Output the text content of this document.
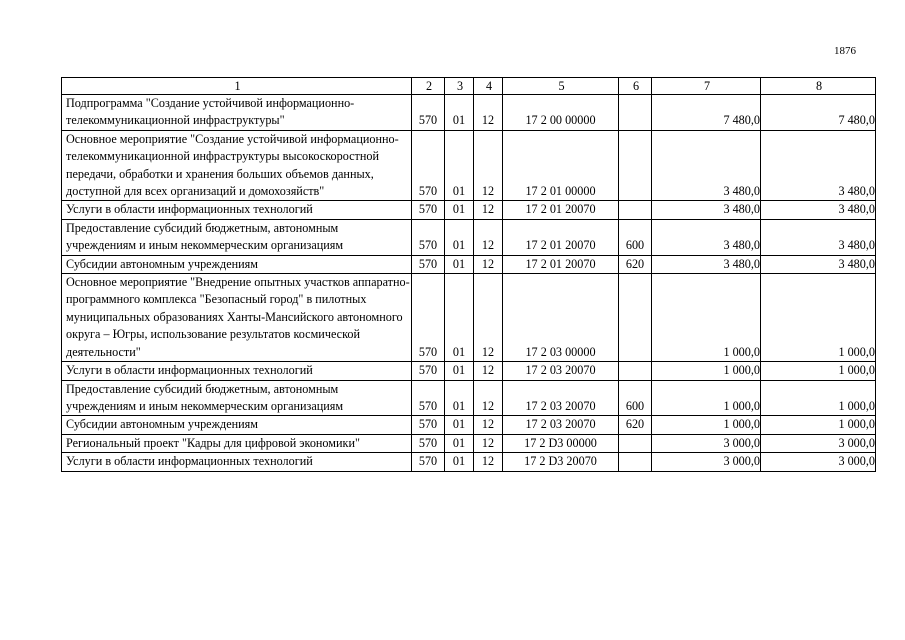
1876
1	2	3	4	5	6	7	8
Подпрограмма "Создание устойчивой информационно-телекоммуникационной инфраструктуры"	570	01	12	17 2 00 00000		7 480,0	7 480,0
Основное мероприятие "Создание устойчивой информационно-телекоммуникационной инфраструктуры высокоскоростной передачи, обработки и хранения больших объемов данных, доступной для всех организаций и домохозяйств"	570	01	12	17 2 01 00000		3 480,0	3 480,0
Услуги в области информационных технологий	570	01	12	17 2 01 20070		3 480,0	3 480,0
Предоставление субсидий бюджетным, автономным учреждениям и иным некоммерческим организациям	570	01	12	17 2 01 20070	600	3 480,0	3 480,0
Субсидии автономным учреждениям	570	01	12	17 2 01 20070	620	3 480,0	3 480,0
Основное мероприятие "Внедрение опытных участков аппаратно-программного комплекса "Безопасный город" в пилотных муниципальных образованиях Ханты-Мансийского автономного округа – Югры, использование результатов космической деятельности"	570	01	12	17 2 03 00000		1 000,0	1 000,0
Услуги в области информационных технологий	570	01	12	17 2 03 20070		1 000,0	1 000,0
Предоставление субсидий бюджетным, автономным учреждениям и иным некоммерческим организациям	570	01	12	17 2 03 20070	600	1 000,0	1 000,0
Субсидии автономным учреждениям	570	01	12	17 2 03 20070	620	1 000,0	1 000,0
Региональный проект "Кадры для цифровой экономики"	570	01	12	17 2 D3 00000		3 000,0	3 000,0
Услуги в области информационных технологий	570	01	12	17 2 D3 20070		3 000,0	3 000,0
